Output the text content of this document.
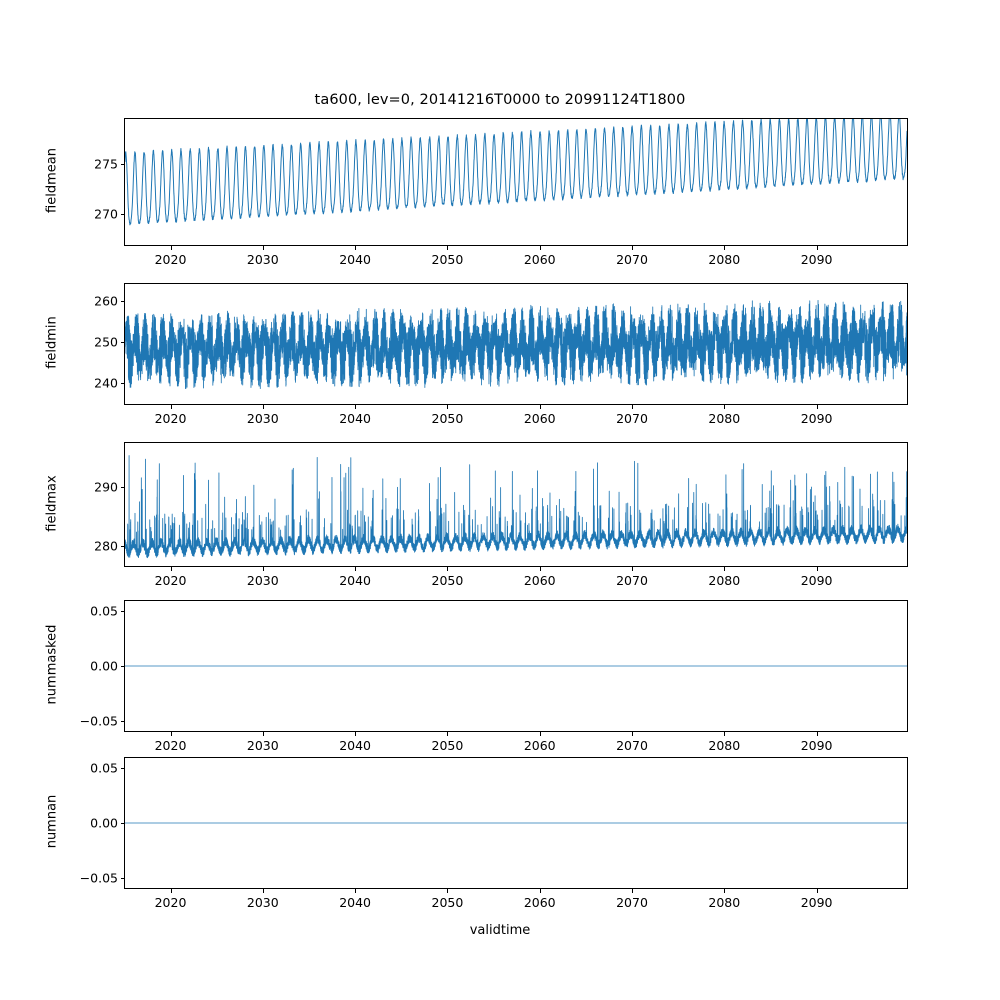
ta600, lev=0, 20141216T0000 to 20991124T1800
fieldmean
270
275
2020	2030	2040	2050	2060	2070	2080	2090
fieldmin
240
250
260
2020	2030	2040	2050	2060	2070	2080	2090
fieldmax
280
290
2020	2030	2040	2050	2060	2070	2080	2090
nummasked
−0.05
0.00
0.05
2020	2030	2040	2050	2060	2070	2080	2090
numnan
−0.05
0.00
0.05
2020	2030	2040	2050	2060	2070	2080	2090
validtime
